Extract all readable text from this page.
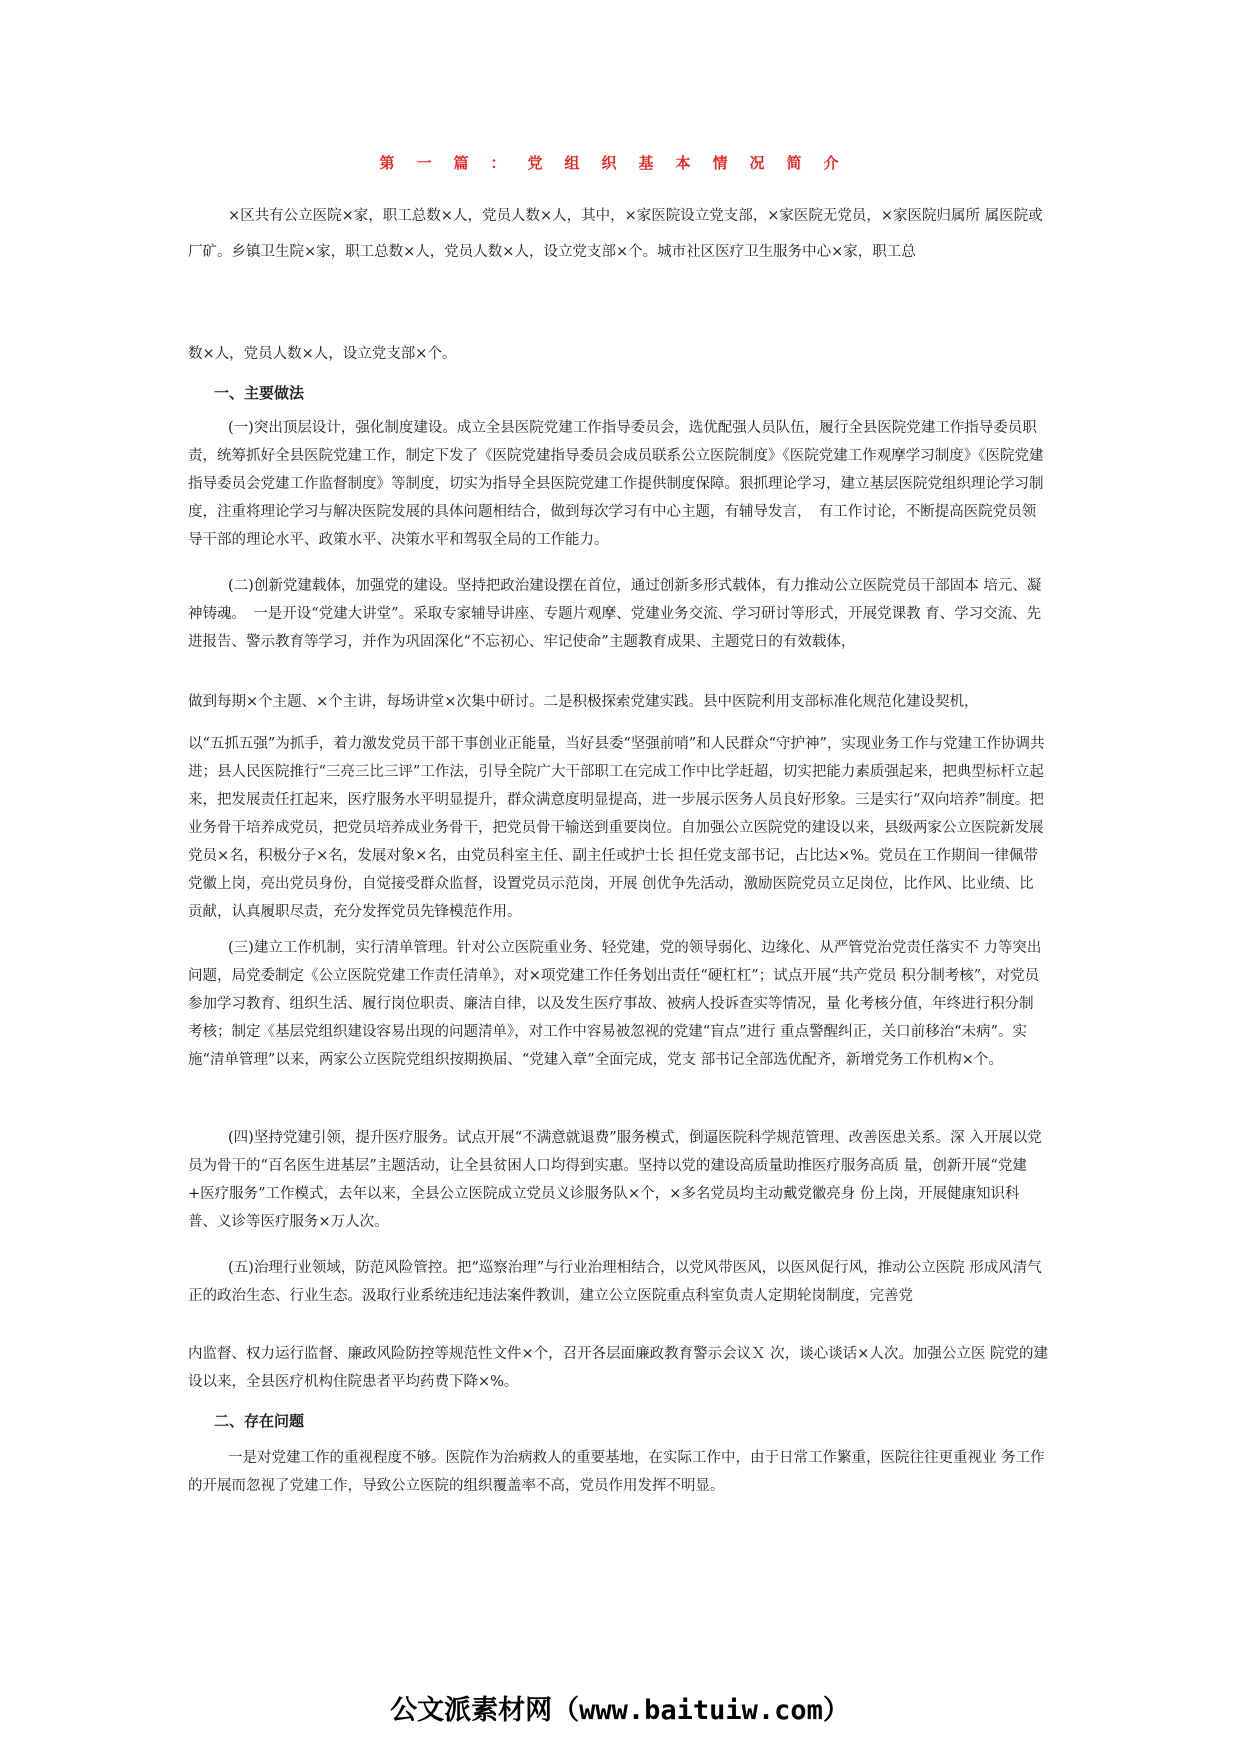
第一篇：党组织基本情况简介
×区共有公立医院×家，职工总数×人，党员人数×人，其中，×家医院设立党支部，×家医院无党员，×家医院归属所 属医院或厂矿。乡镇卫生院×家，职工总数×人，党员人数×人，设立党支部×个。城市社区医疗卫生服务中心×家，职工总
数×人，党员人数×人，设立党支部×个。
一、主要做法
(一)突出顶层设计，强化制度建设。成立全县医院党建工作指导委员会，选优配强人员队伍，履行全县医院党建工作指导委员职责，统筹抓好全县医院党建工作，制定下发了《医院党建指导委员会成员联系公立医院制度》《医院党建工作观摩学习制度》《医院党建指导委员会党建工作监督制度》等制度，切实为指导全县医院党建工作提供制度保障。狠抓理论学习，建立基层医院党组织理论学习制度，注重将理论学习与解决医院发展的具体问题相结合，做到每次学习有中心主题，有辅导发言，　有工作讨论，不断提高医院党员领导干部的理论水平、政策水平、决策水平和驾驭全局的工作能力。
(二)创新党建载体，加强党的建设。坚持把政治建设摆在首位，通过创新多形式载体，有力推动公立医院党员干部固本 培元、凝神铸魂。　一是开设“党建大讲堂”。采取专家辅导讲座、专题片观摩、党建业务交流、学习研讨等形式，开展党课教 育、学习交流、先进报告、警示教育等学习，并作为巩固深化“不忘初心、牢记使命”主题教育成果、主题党日的有效载体，
做到每期×个主题、×个主讲，每场讲堂×次集中研讨。二是积极探索党建实践。县中医院利用支部标准化规范化建设契机，
以“五抓五强”为抓手，着力激发党员干部干事创业正能量，当好县委“坚强前哨”和人民群众“守护神”，实现业务工作与党建工作协调共进；县人民医院推行“三亮三比三评”工作法，引导全院广大干部职工在完成工作中比学赶超，切实把能力素质强起来，把典型标杆立起来，把发展责任扛起来，医疗服务水平明显提升，群众满意度明显提高，进一步展示医务人员良好形象。三是实行“双向培养”制度。把业务骨干培养成党员，把党员培养成业务骨干，把党员骨干输送到重要岗位。自加强公立医院党的建设以来，县级两家公立医院新发展党员×名，积极分子×名，发展对象×名，由党员科室主任、副主任或护士长 担任党支部书记，占比达×%。党员在工作期间一律佩带党徽上岗，亮出党员身份，自觉接受群众监督，设置党员示范岗，开展 创优争先活动，激励医院党员立足岗位，比作风、比业绩、比贡献，认真履职尽责，充分发挥党员先锋模范作用。
(三)建立工作机制，实行清单管理。针对公立医院重业务、轻党建，党的领导弱化、边缘化、从严管党治党责任落实不 力等突出问题，局党委制定《公立医院党建工作责任清单》，对×项党建工作任务划出责任“硬杠杠”；试点开展“共产党员 积分制考核”，对党员参加学习教育、组织生活、履行岗位职责、廉洁自律，以及发生医疗事故、被病人投诉查实等情况，量 化考核分值，年终进行积分制考核；制定《基层党组织建设容易出现的问题清单》，对工作中容易被忽视的党建“盲点”进行 重点警醒纠正，关口前移治“未病”。实施“清单管理”以来，两家公立医院党组织按期换届、“党建入章”全面完成，党支 部书记全部选优配齐，新增党务工作机构×个。
(四)坚持党建引领，提升医疗服务。试点开展“不满意就退费”服务模式，倒逼医院科学规范管理、改善医患关系。深 入开展以党员为骨干的“百名医生进基层”主题活动，让全县贫困人口均得到实惠。坚持以党的建设高质量助推医疗服务高质 量，创新开展“党建+医疗服务”工作模式，去年以来，全县公立医院成立党员义诊服务队×个，×多名党员均主动戴党徽亮身 份上岗，开展健康知识科普、义诊等医疗服务×万人次。
(五)治理行业领域，防范风险管控。把“巡察治理”与行业治理相结合，以党风带医风，以医风促行风，推动公立医院 形成风清气正的政治生态、行业生态。汲取行业系统违纪违法案件教训，建立公立医院重点科室负责人定期轮岗制度，完善党
内监督、权力运行监督、廉政风险防控等规范性文件×个，召开各层面廉政教育警示会议Ｘ 次，谈心谈话×人次。加强公立医 院党的建设以来，全县医疗机构住院患者平均药费下降×%。
二、存在问题
一是对党建工作的重视程度不够。医院作为治病救人的重要基地，在实际工作中，由于日常工作繁重，医院往往更重视业 务工作的开展而忽视了党建工作，导致公立医院的组织覆盖率不高，党员作用发挥不明显。
公文派素材网（www.baituiw.com）
